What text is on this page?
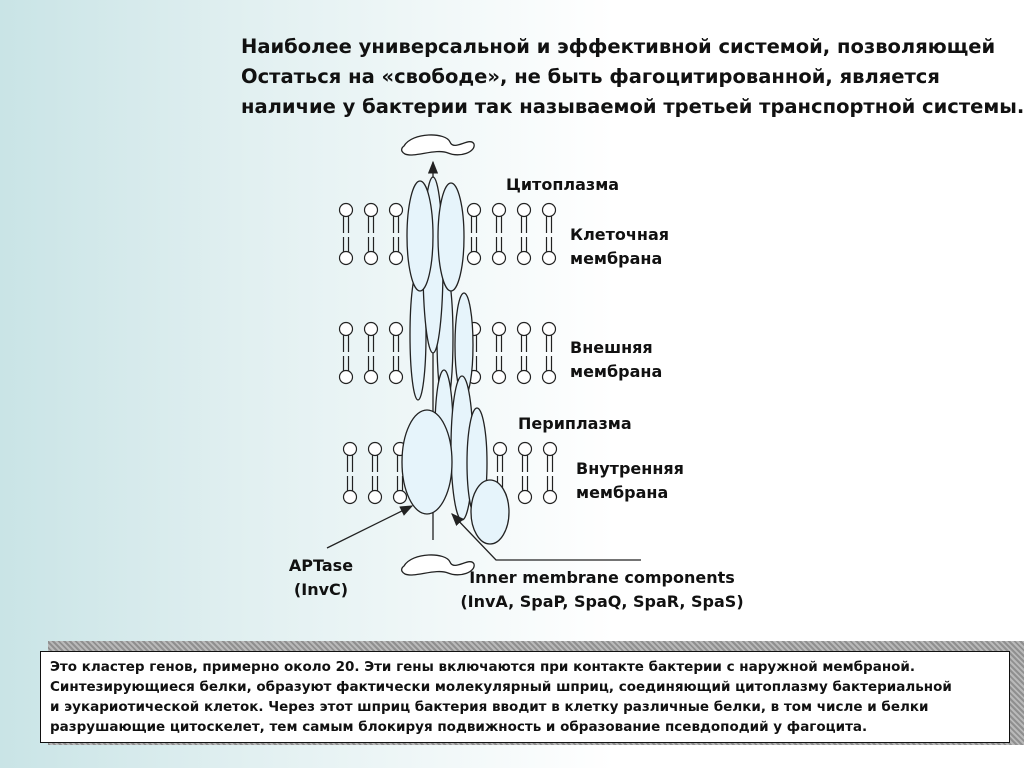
Наиболее универсальной и эффективной системой, позволяющей
Остаться на «свободе», не быть фагоцитированной, является
наличие у бактерии так называемой третьей транспортной системы.
Цитоплазма
Клеточная
мембрана
Внешняя
мембрана
Периплазма
Внутренняя
мембрана
APTase
(InvC)
Inner membrane components
(InvA, SpaP, SpaQ, SpaR, SpaS)
Это кластер генов, примерно около 20. Эти гены включаются при контакте бактерии с наружной мембраной.
Синтезирующиеся белки, образуют фактически молекулярный шприц, соединяющий цитоплазму бактериальной
и эукариотической клеток. Через этот шприц бактерия вводит в клетку различные белки, в том числе и белки
разрушающие цитоскелет, тем самым блокируя подвижность и образование псевдоподий у фагоцита.
